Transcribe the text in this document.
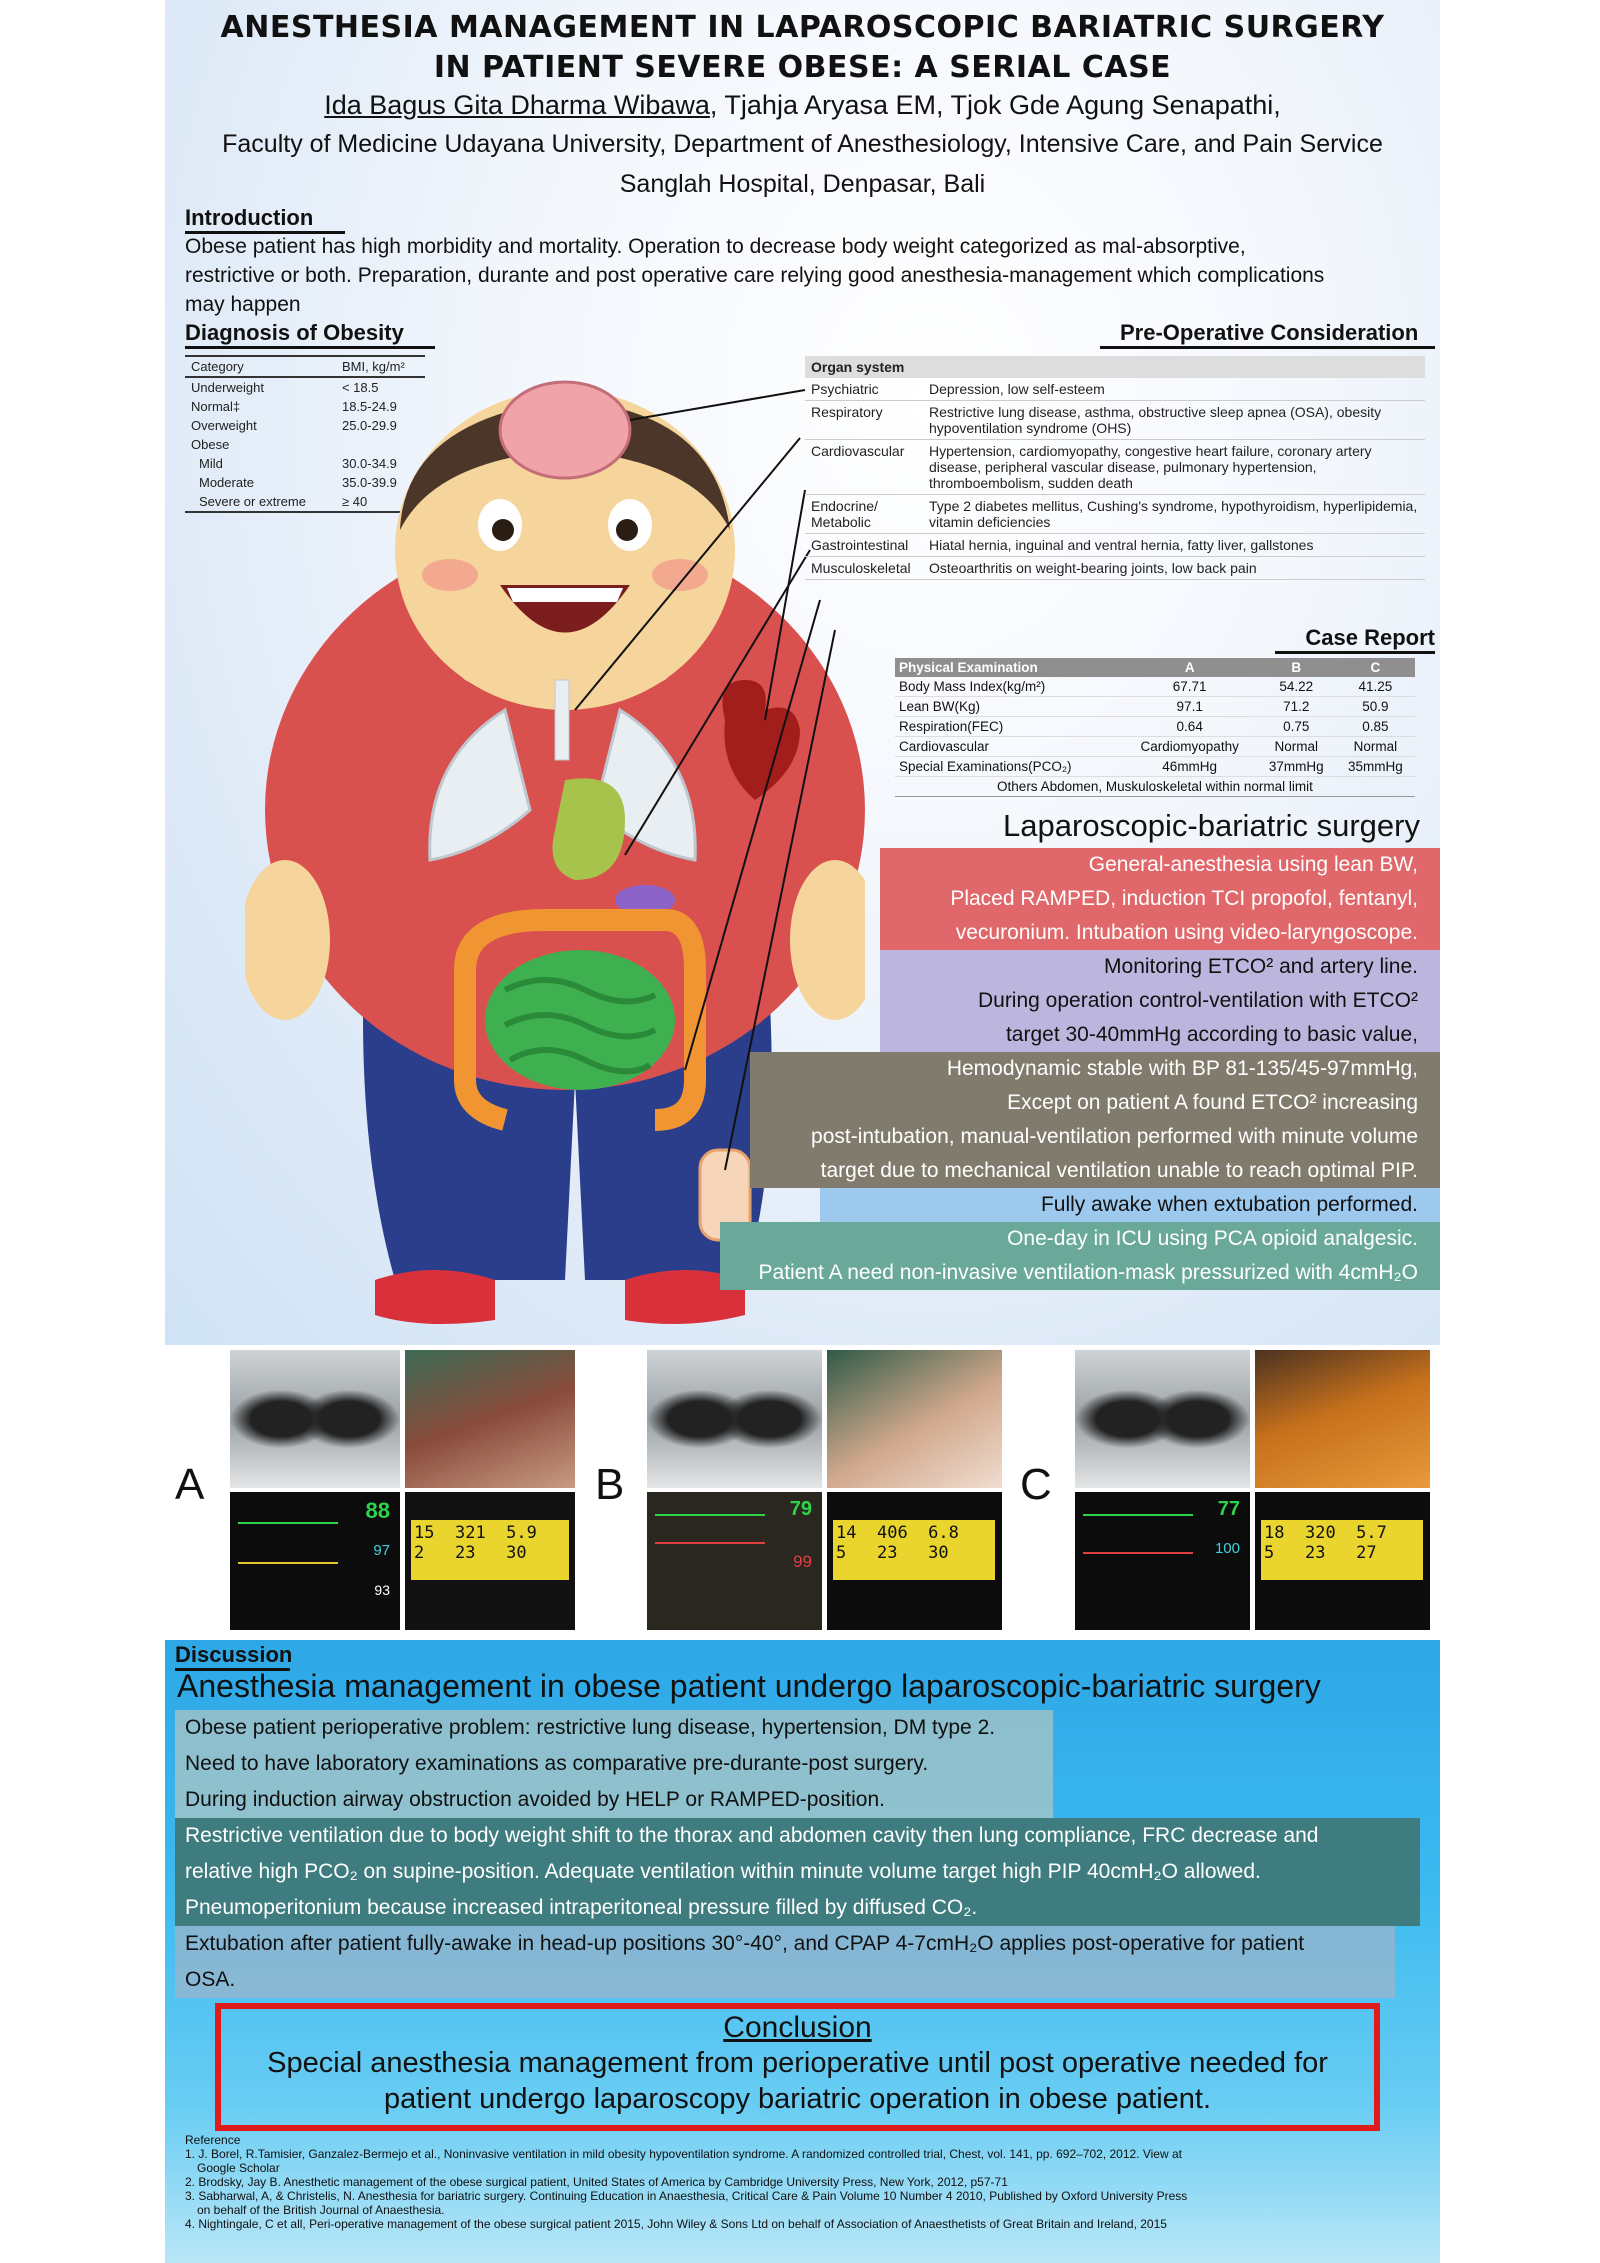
ANESTHESIA MANAGEMENT IN LAPAROSCOPIC BARIATRIC SURGERY
IN PATIENT SEVERE OBESE: A SERIAL CASE
Ida Bagus Gita Dharma Wibawa, Tjahja Aryasa EM, Tjok Gde Agung Senapathi,
Faculty of Medicine Udayana University, Department of Anesthesiology, Intensive Care, and Pain Service
Sanglah Hospital, Denpasar, Bali
Introduction
Obese patient has high morbidity and mortality. Operation to decrease body weight categorized as mal-absorptive,
restrictive or both. Preparation, durante and post operative care relying good anesthesia-management which complications
may happen
Diagnosis of Obesity	Pre-Operative Consideration
Category	BMI, kg/m²
Underweight	< 18.5
Normal‡	18.5-24.9
Overweight	25.0-29.9
Obese	
Mild	30.0-34.9
Moderate	35.0-39.9
Severe or extreme	≥ 40
Organ system	
Psychiatric	Depression, low self-esteem
Respiratory	Restrictive lung disease, asthma, obstructive sleep apnea (OSA), obesity hypoventilation syndrome (OHS)
Cardiovascular	Hypertension, cardiomyopathy, congestive heart failure, coronary artery disease, peripheral vascular disease, pulmonary hypertension, thromboembolism, sudden death
Endocrine/ Metabolic	Type 2 diabetes mellitus, Cushing's syndrome, hypothyroidism, hyperlipidemia, vitamin deficiencies
Gastrointestinal	Hiatal hernia, inguinal and ventral hernia, fatty liver, gallstones
Musculoskeletal	Osteoarthritis on weight-bearing joints, low back pain
Case Report
Physical Examination	A	B	C
Body Mass Index(kg/m²)	67.71	54.22	41.25
Lean BW(Kg)	97.1	71.2	50.9
Respiration(FEC)	0.64	0.75	0.85
Cardiovascular	Cardiomyopathy	Normal	Normal
Special Examinations(PCO₂)	46mmHg	37mmHg	35mmHg
Others Abdomen, Muskuloskeletal within normal limit			
Laparoscopic-bariatric surgery
General-anesthesia using lean BW,
Placed RAMPED, induction TCI propofol, fentanyl,
vecuronium. Intubation using video-laryngoscope.
Monitoring ETCO² and artery line.
During operation control-ventilation with ETCO²
target 30-40mmHg according to basic value,
Hemodynamic stable with BP 81-135/45-97mmHg,
Except on patient A found ETCO² increasing
post-intubation, manual-ventilation performed with minute volume
target due to mechanical ventilation unable to reach optimal PIP.
Fully awake when extubation performed.
One-day in ICU using PCA opioid analgesic.
Patient A need non-invasive ventilation-mask pressurized with 4cmH₂O
A	B	C
88
97
93
15 321 5.9
2 23 30
79
99
14 406 6.8
5 23 30
77
100
18 320 5.7
5 23 27
Discussion
Anesthesia management in obese patient undergo laparoscopic-bariatric surgery
Obese patient perioperative problem: restrictive lung disease, hypertension, DM type 2.
Need to have laboratory examinations as comparative pre-durante-post surgery.
During induction airway obstruction avoided by HELP or RAMPED-position.
Restrictive ventilation due to body weight shift to the thorax and abdomen cavity then lung compliance, FRC decrease and
relative high PCO₂ on supine-position. Adequate ventilation within minute volume target high PIP 40cmH₂O allowed.
Pneumoperitonium because increased intraperitoneal pressure filled by diffused CO₂.
Extubation after patient fully-awake in head-up positions 30°-40°, and CPAP 4-7cmH₂O applies post-operative for patient
OSA.
Conclusion
Special anesthesia management from perioperative until post operative needed for
patient undergo laparoscopy bariatric operation in obese patient.
Reference
1. J. Borel, R.Tamisier, Ganzalez-Bermejo et al., Noninvasive ventilation in mild obesity hypoventilation syndrome. A randomized controlled trial, Chest, vol. 141, pp. 692–702, 2012. View at
Google Scholar
2. Brodsky, Jay B. Anesthetic management of the obese surgical patient, United States of America by Cambridge University Press, New York, 2012, p57-71
3. Sabharwal, A, & Christelis, N. Anesthesia for bariatric surgery. Continuing Education in Anaesthesia, Critical Care & Pain Volume 10 Number 4 2010, Published by Oxford University Press
on behalf of the British Journal of Anaesthesia.
4. Nightingale, C et all, Peri-operative management of the obese surgical patient 2015, John Wiley & Sons Ltd on behalf of Association of Anaesthetists of Great Britain and Ireland, 2015
